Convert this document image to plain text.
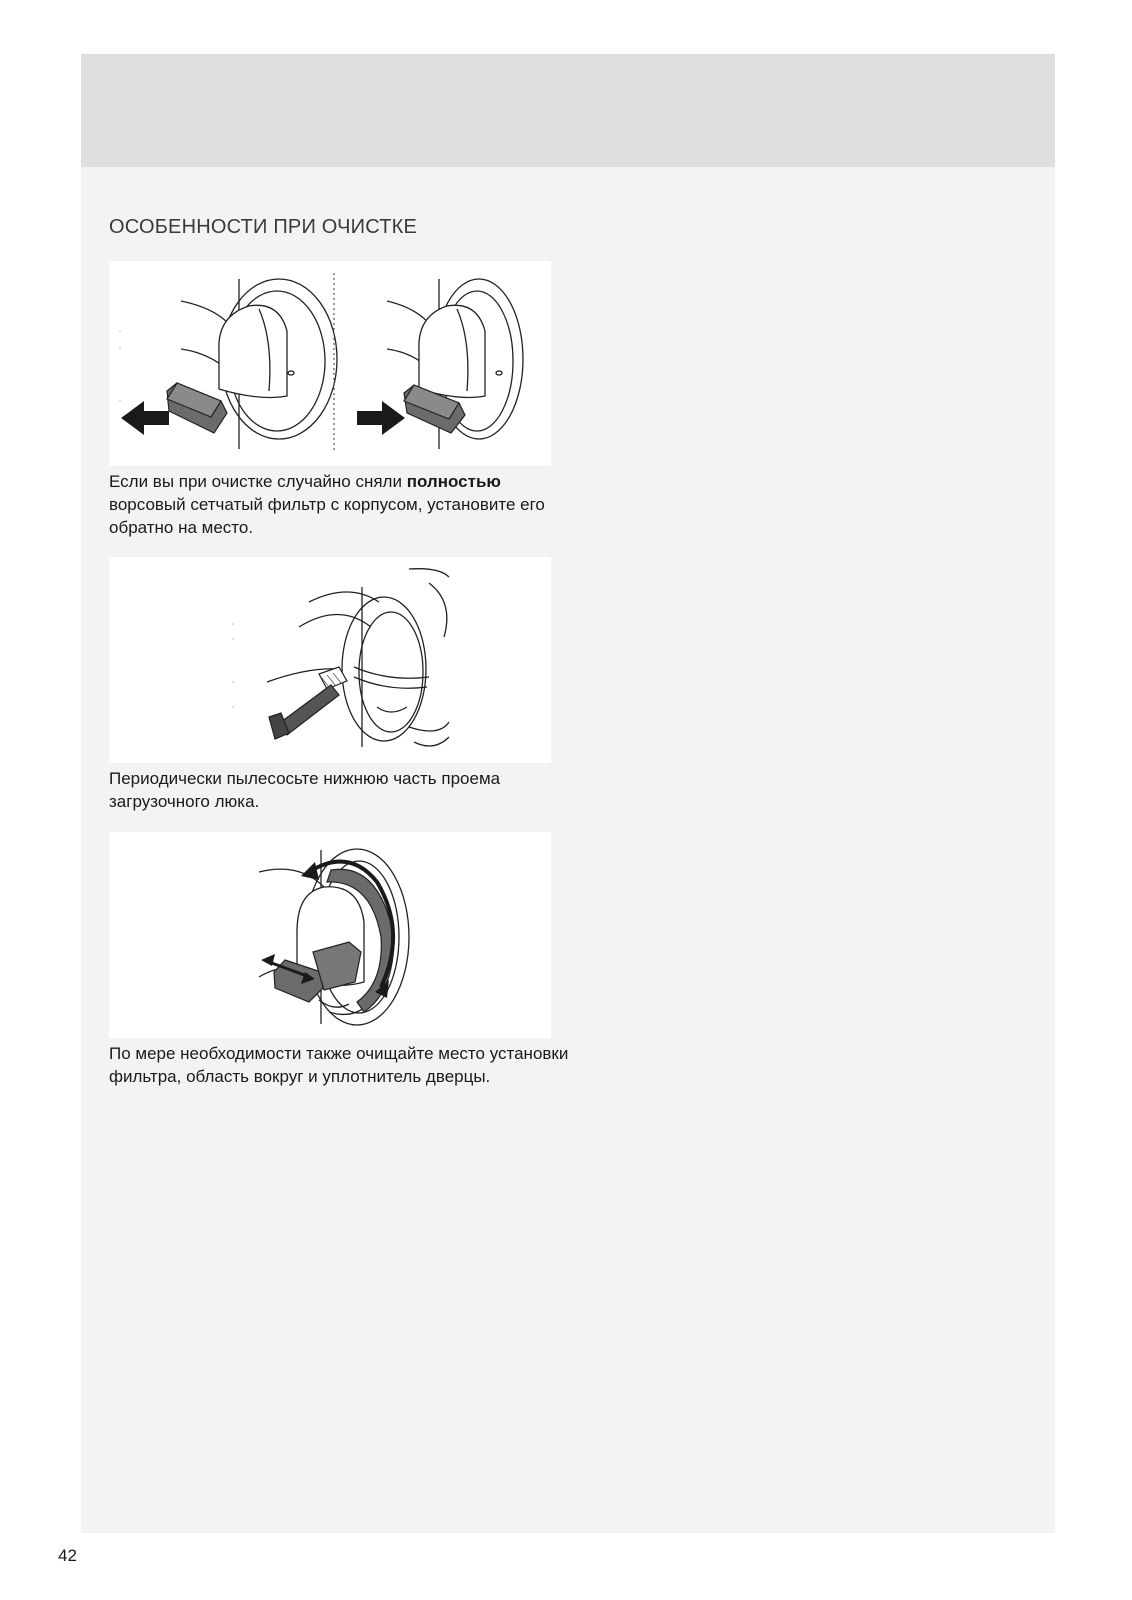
ОСОБЕННОСТИ ПРИ ОЧИСТКЕ

Если вы при очистке случайно сняли полностью ворсовый сетчатый фильтр с корпусом, установите его обратно на место.

Периодически пылесосьте нижнюю часть проема загрузочного люка.

По мере необходимости также очищайте место установки фильтра, область вокруг и уплотнитель дверцы.

42
